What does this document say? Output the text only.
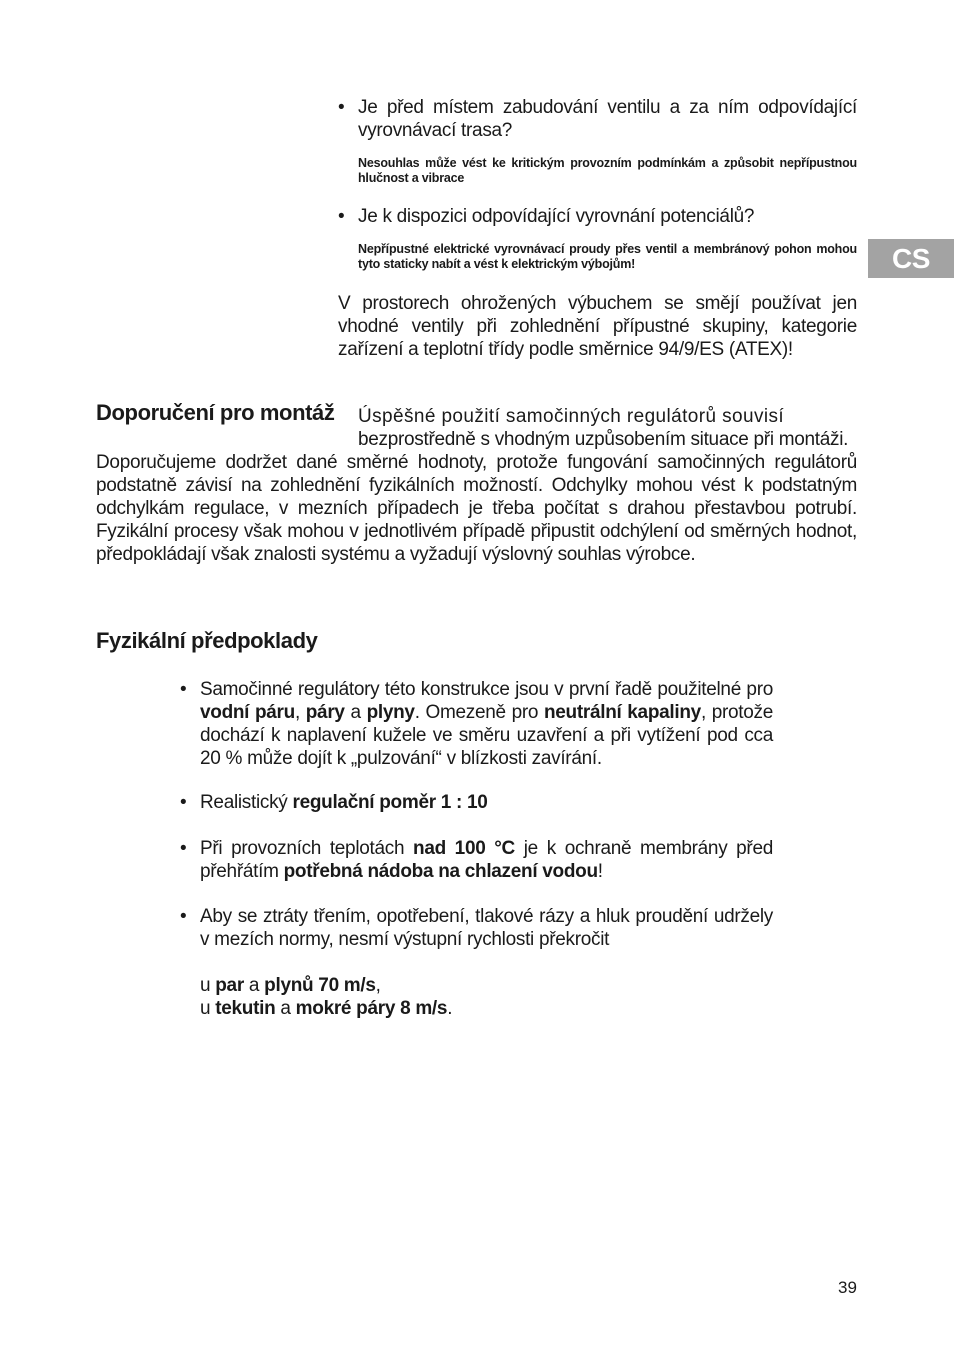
CS
• Je před místem zabudování ventilu a za ním odpovídající vyrovnávací trasa?
Nesouhlas může vést ke kritickým provozním podmínkám a způsobit nepřípustnou hlučnost a vibrace
• Je k dispozici odpovídající vyrovnání potenciálů?
Nepřípustné elektrické vyrovnávací proudy přes ventil a membránový pohon mohou tyto staticky nabít a vést k elektrickým výbojům!
V prostorech ohrožených výbuchem se smějí používat jen vhodné ventily při zohlednění přípustné skupiny, kategorie zařízení a teplotní třídy podle směrnice 94/9/ES (ATEX)!
Doporučení pro montáž Úspěšné použití samočinných regulátorů souvisí
bezprostředně s vhodným uzpůsobením situace při montáži.
Doporučujeme dodržet dané směrné hodnoty, protože fungování samočinných regulátorů podstatně závisí na zohlednění fyzikálních možností. Odchylky mohou vést k podstatným odchylkám regulace, v mezních případech je třeba počítat s drahou přestavbou potrubí. Fyzikální procesy však mohou v jednotlivém případě připustit odchýlení od směrných hodnot, předpokládají však znalosti systému a vyžadují výslovný souhlas výrobce.
Fyzikální předpoklady
• Samočinné regulátory této konstrukce jsou v první řadě použitelné pro vodní páru, páry a plyny. Omezeně pro neutrální kapaliny, protože dochází k naplavení kužele ve směru uzavření a při vytížení pod cca 20 % může dojít k „pulzování“ v blízkosti zavírání.
• Realistický regulační poměr 1 : 10
• Při provozních teplotách nad 100 °C je k ochraně membrány před přehřátím potřebná nádoba na chlazení vodou!
• Aby se ztráty třením, opotřebení, tlakové rázy a hluk proudění udržely v mezích normy, nesmí výstupní rychlosti překročit
u par a plynů 70 m/s,
u tekutin a mokré páry 8 m/s.
39
